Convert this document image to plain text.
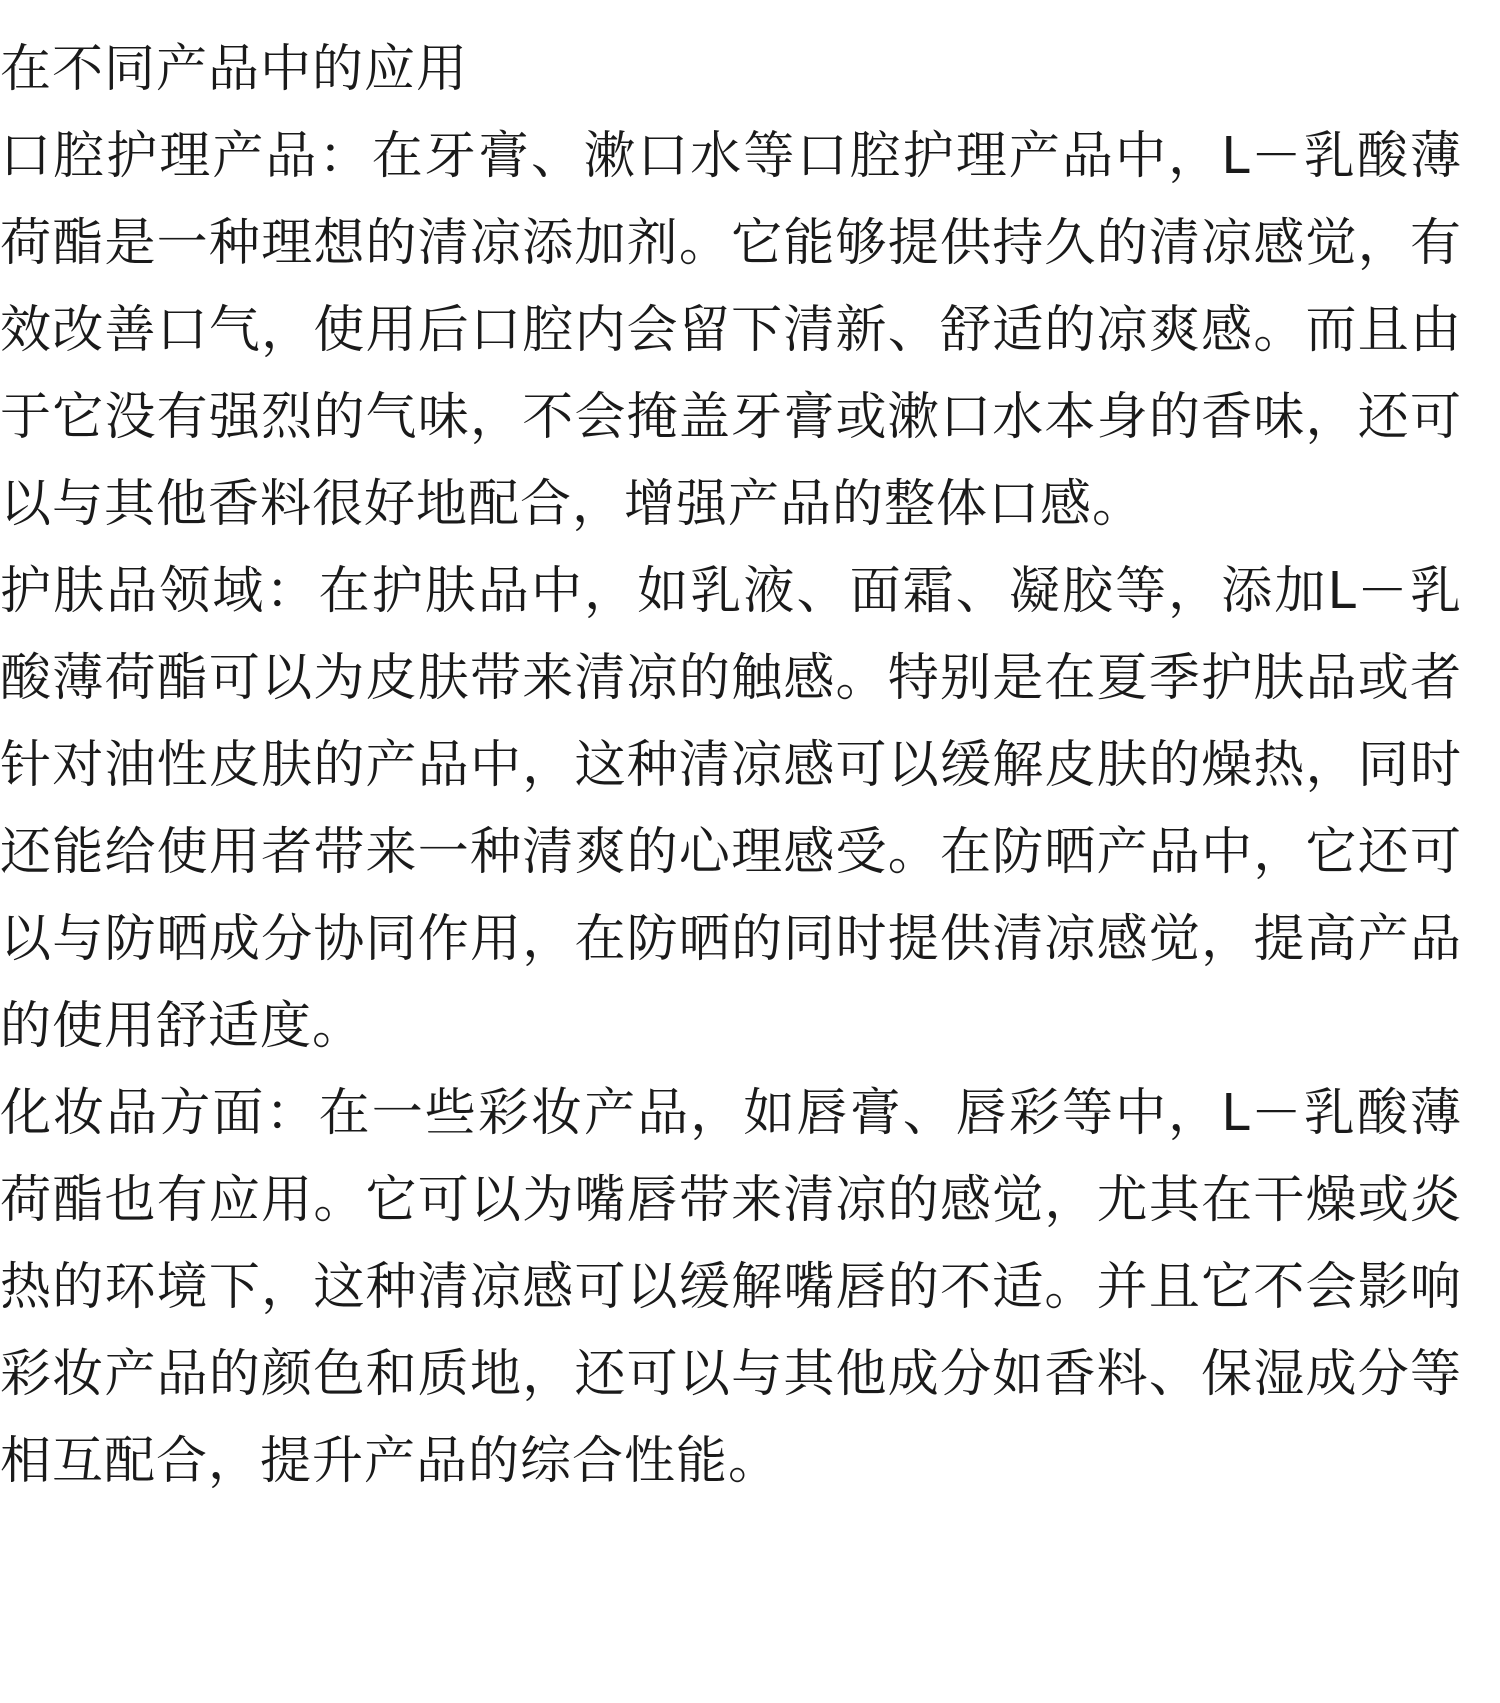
在不同产品中的应用

口腔护理产品：在牙膏、漱口水等口腔护理产品中，L－乳酸薄荷酯是一种理想的清凉添加剂。它能够提供持久的清凉感觉，有效改善口气，使用后口腔内会留下清新、舒适的凉爽感。而且由于它没有强烈的气味，不会掩盖牙膏或漱口水本身的香味，还可以与其他香料很好地配合，增强产品的整体口感。

护肤品领域：在护肤品中，如乳液、面霜、凝胶等，添加L－乳酸薄荷酯可以为皮肤带来清凉的触感。特别是在夏季护肤品或者针对油性皮肤的产品中，这种清凉感可以缓解皮肤的燥热，同时还能给使用者带来一种清爽的心理感受。在防晒产品中，它还可以与防晒成分协同作用，在防晒的同时提供清凉感觉，提高产品的使用舒适度。

化妆品方面：在一些彩妆产品，如唇膏、唇彩等中，L－乳酸薄荷酯也有应用。它可以为嘴唇带来清凉的感觉，尤其在干燥或炎热的环境下，这种清凉感可以缓解嘴唇的不适。并且它不会影响彩妆产品的颜色和质地，还可以与其他成分如香料、保湿成分等相互配合，提升产品的综合性能。
